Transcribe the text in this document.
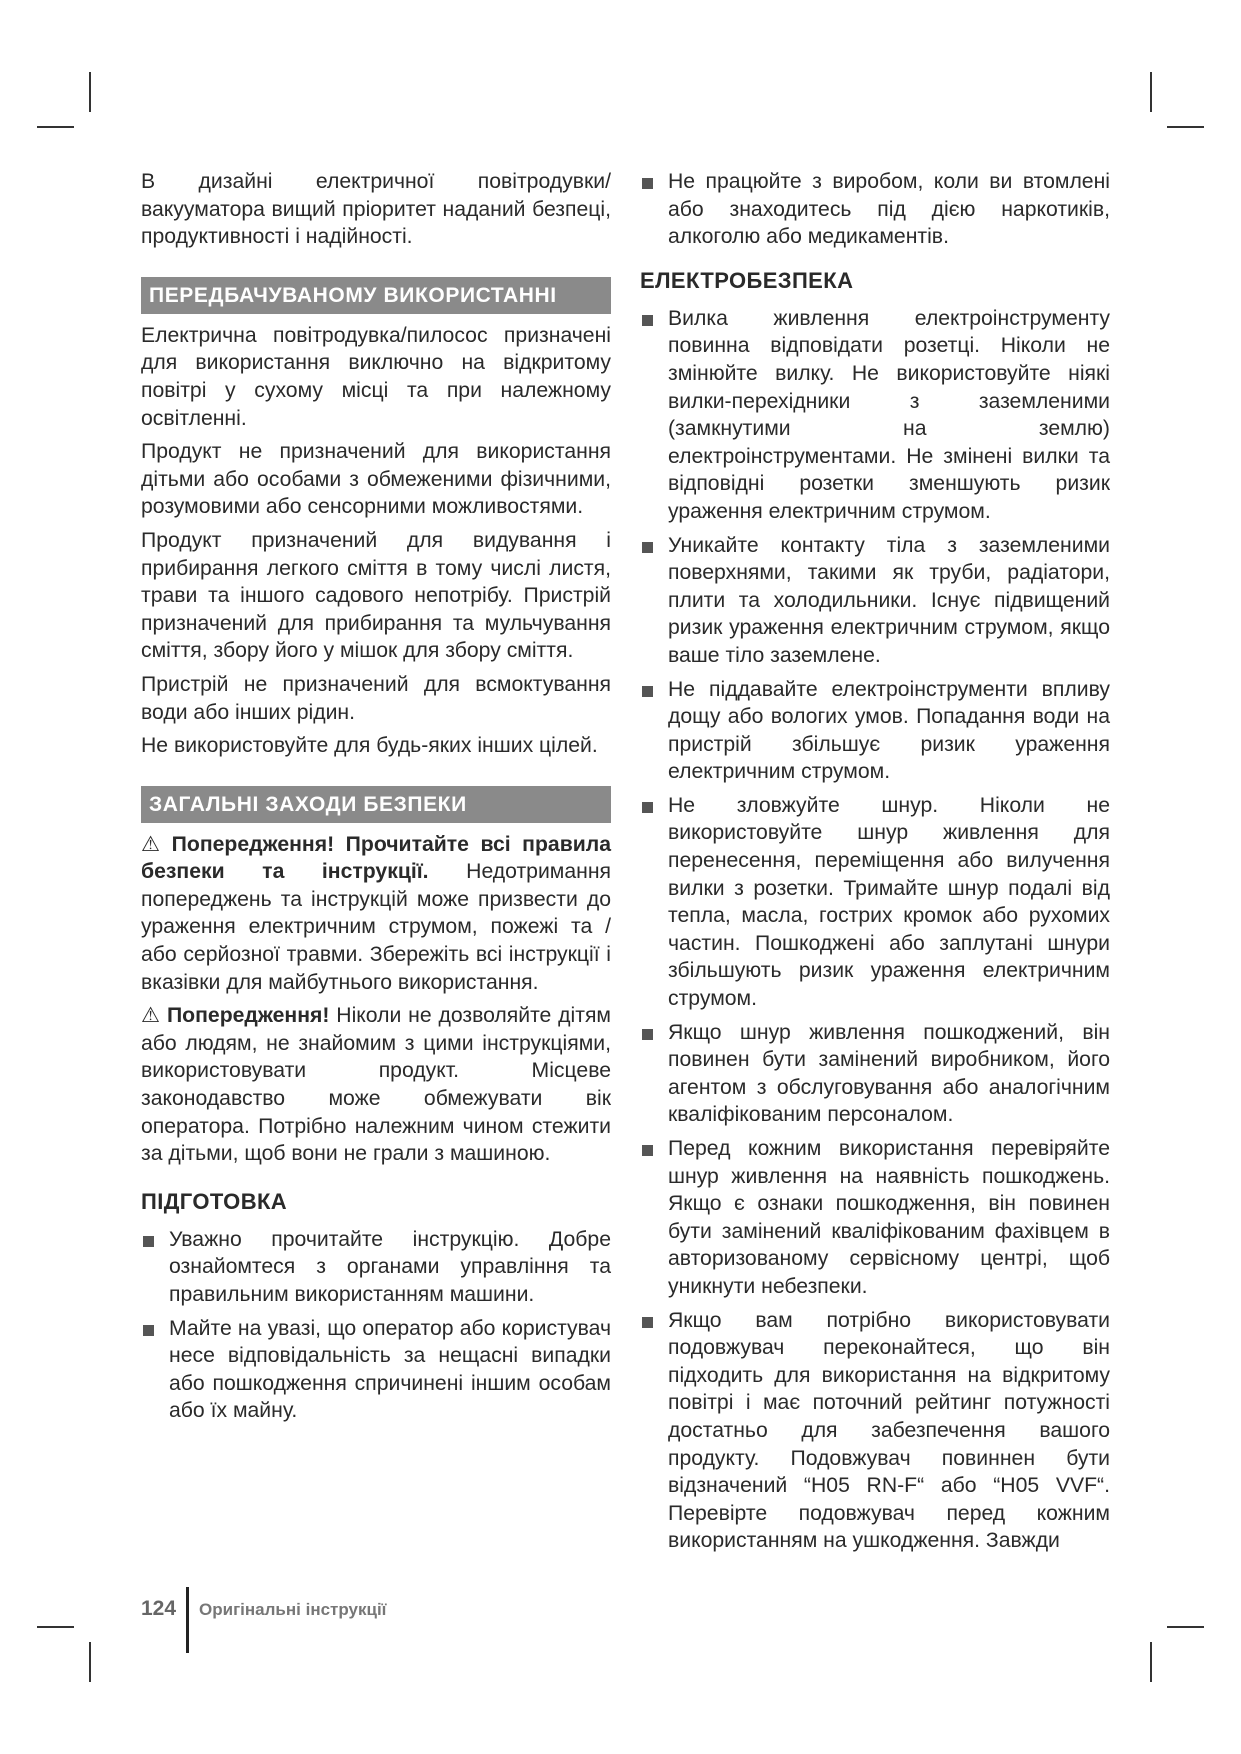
В дизайні електричної повітродувки/вакууматора вищий пріоритет наданий безпеці, продуктивності і надійності.

ПЕРЕДБАЧУВАНОМУ ВИКОРИСТАННІ

Електрична повітродувка/пилосос призначені для використання виключно на відкритому повітрі у сухому місці та при належному освітленні.

Продукт не призначений для використання дітьми або особами з обмеженими фізичними, розумовими або сенсорними можливостями.

Продукт призначений для видування і прибирання легкого сміття в тому числі листя, трави та іншого садового непотрібу. Пристрій призначений для прибирання та мульчування сміття, збору його у мішок для збору сміття.

Пристрій не призначений для всмоктування води або інших рідин.

Не використовуйте для будь-яких інших цілей.

ЗАГАЛЬНІ ЗАХОДИ БЕЗПЕКИ

⚠ Попередження! Прочитайте всі правила безпеки та інструкції. Недотримання попереджень та інструкцій може призвести до ураження електричним струмом, пожежі та / або серйозної травми. Збережіть всі інструкції і вказівки для майбутнього використання.

⚠ Попередження! Ніколи не дозволяйте дітям або людям, не знайомим з цими інструкціями, використовувати продукт. Місцеве законодавство може обмежувати вік оператора. Потрібно належним чином стежити за дітьми, щоб вони не грали з машиною.

ПІДГОТОВКА
Уважно прочитайте інструкцію. Добре ознайомтеся з органами управління та правильним використанням машини.
Майте на увазі, що оператор або користувач несе відповідальність за нещасні випадки або пошкодження спричинені іншим особам або їх майну.
Не працюйте з виробом, коли ви втомлені або знаходитесь під дією наркотиків, алкоголю або медикаментів.
ЕЛЕКТРОБЕЗПЕКА
Вилка живлення електроінструменту повинна відповідати розетці. Ніколи не змінюйте вилку. Не використовуйте ніякі вилки-перехідники з заземленими (замкнутими на землю) електроінструментами. Не змінені вилки та відповідні розетки зменшують ризик ураження електричним струмом.
Уникайте контакту тіла з заземленими поверхнями, такими як труби, радіатори, плити та холодильники. Існує підвищений ризик ураження електричним струмом, якщо ваше тіло заземлене.
Не піддавайте електроінструменти впливу дощу або вологих умов. Попадання води на пристрій збільшує ризик ураження електричним струмом.
Не зловжуйте шнур. Ніколи не використовуйте шнур живлення для перенесення, переміщення або вилучення вилки з розетки. Тримайте шнур подалі від тепла, масла, гострих кромок або рухомих частин. Пошкоджені або заплутані шнури збільшують ризик ураження електричним струмом.
Якщо шнур живлення пошкоджений, він повинен бути замінений виробником, його агентом з обслуговування або аналогічним кваліфікованим персоналом.
Перед кожним використання перевіряйте шнур живлення на наявність пошкоджень. Якщо є ознаки пошкодження, він повинен бути замінений кваліфікованим фахівцем в авторизованому сервісному центрі, щоб уникнути небезпеки.
Якщо вам потрібно використовувати подовжувач переконайтеся, що він підходить для використання на відкритому повітрі і має поточний рейтинг потужності достатньо для забезпечення вашого продукту. Подовжувач повиннен бути відзначений “H05 RN-F“ або “H05 VVF“. Перевірте подовжувач перед кожним використанням на ушкодження. Завжди
124 Оригінальні інструкції
